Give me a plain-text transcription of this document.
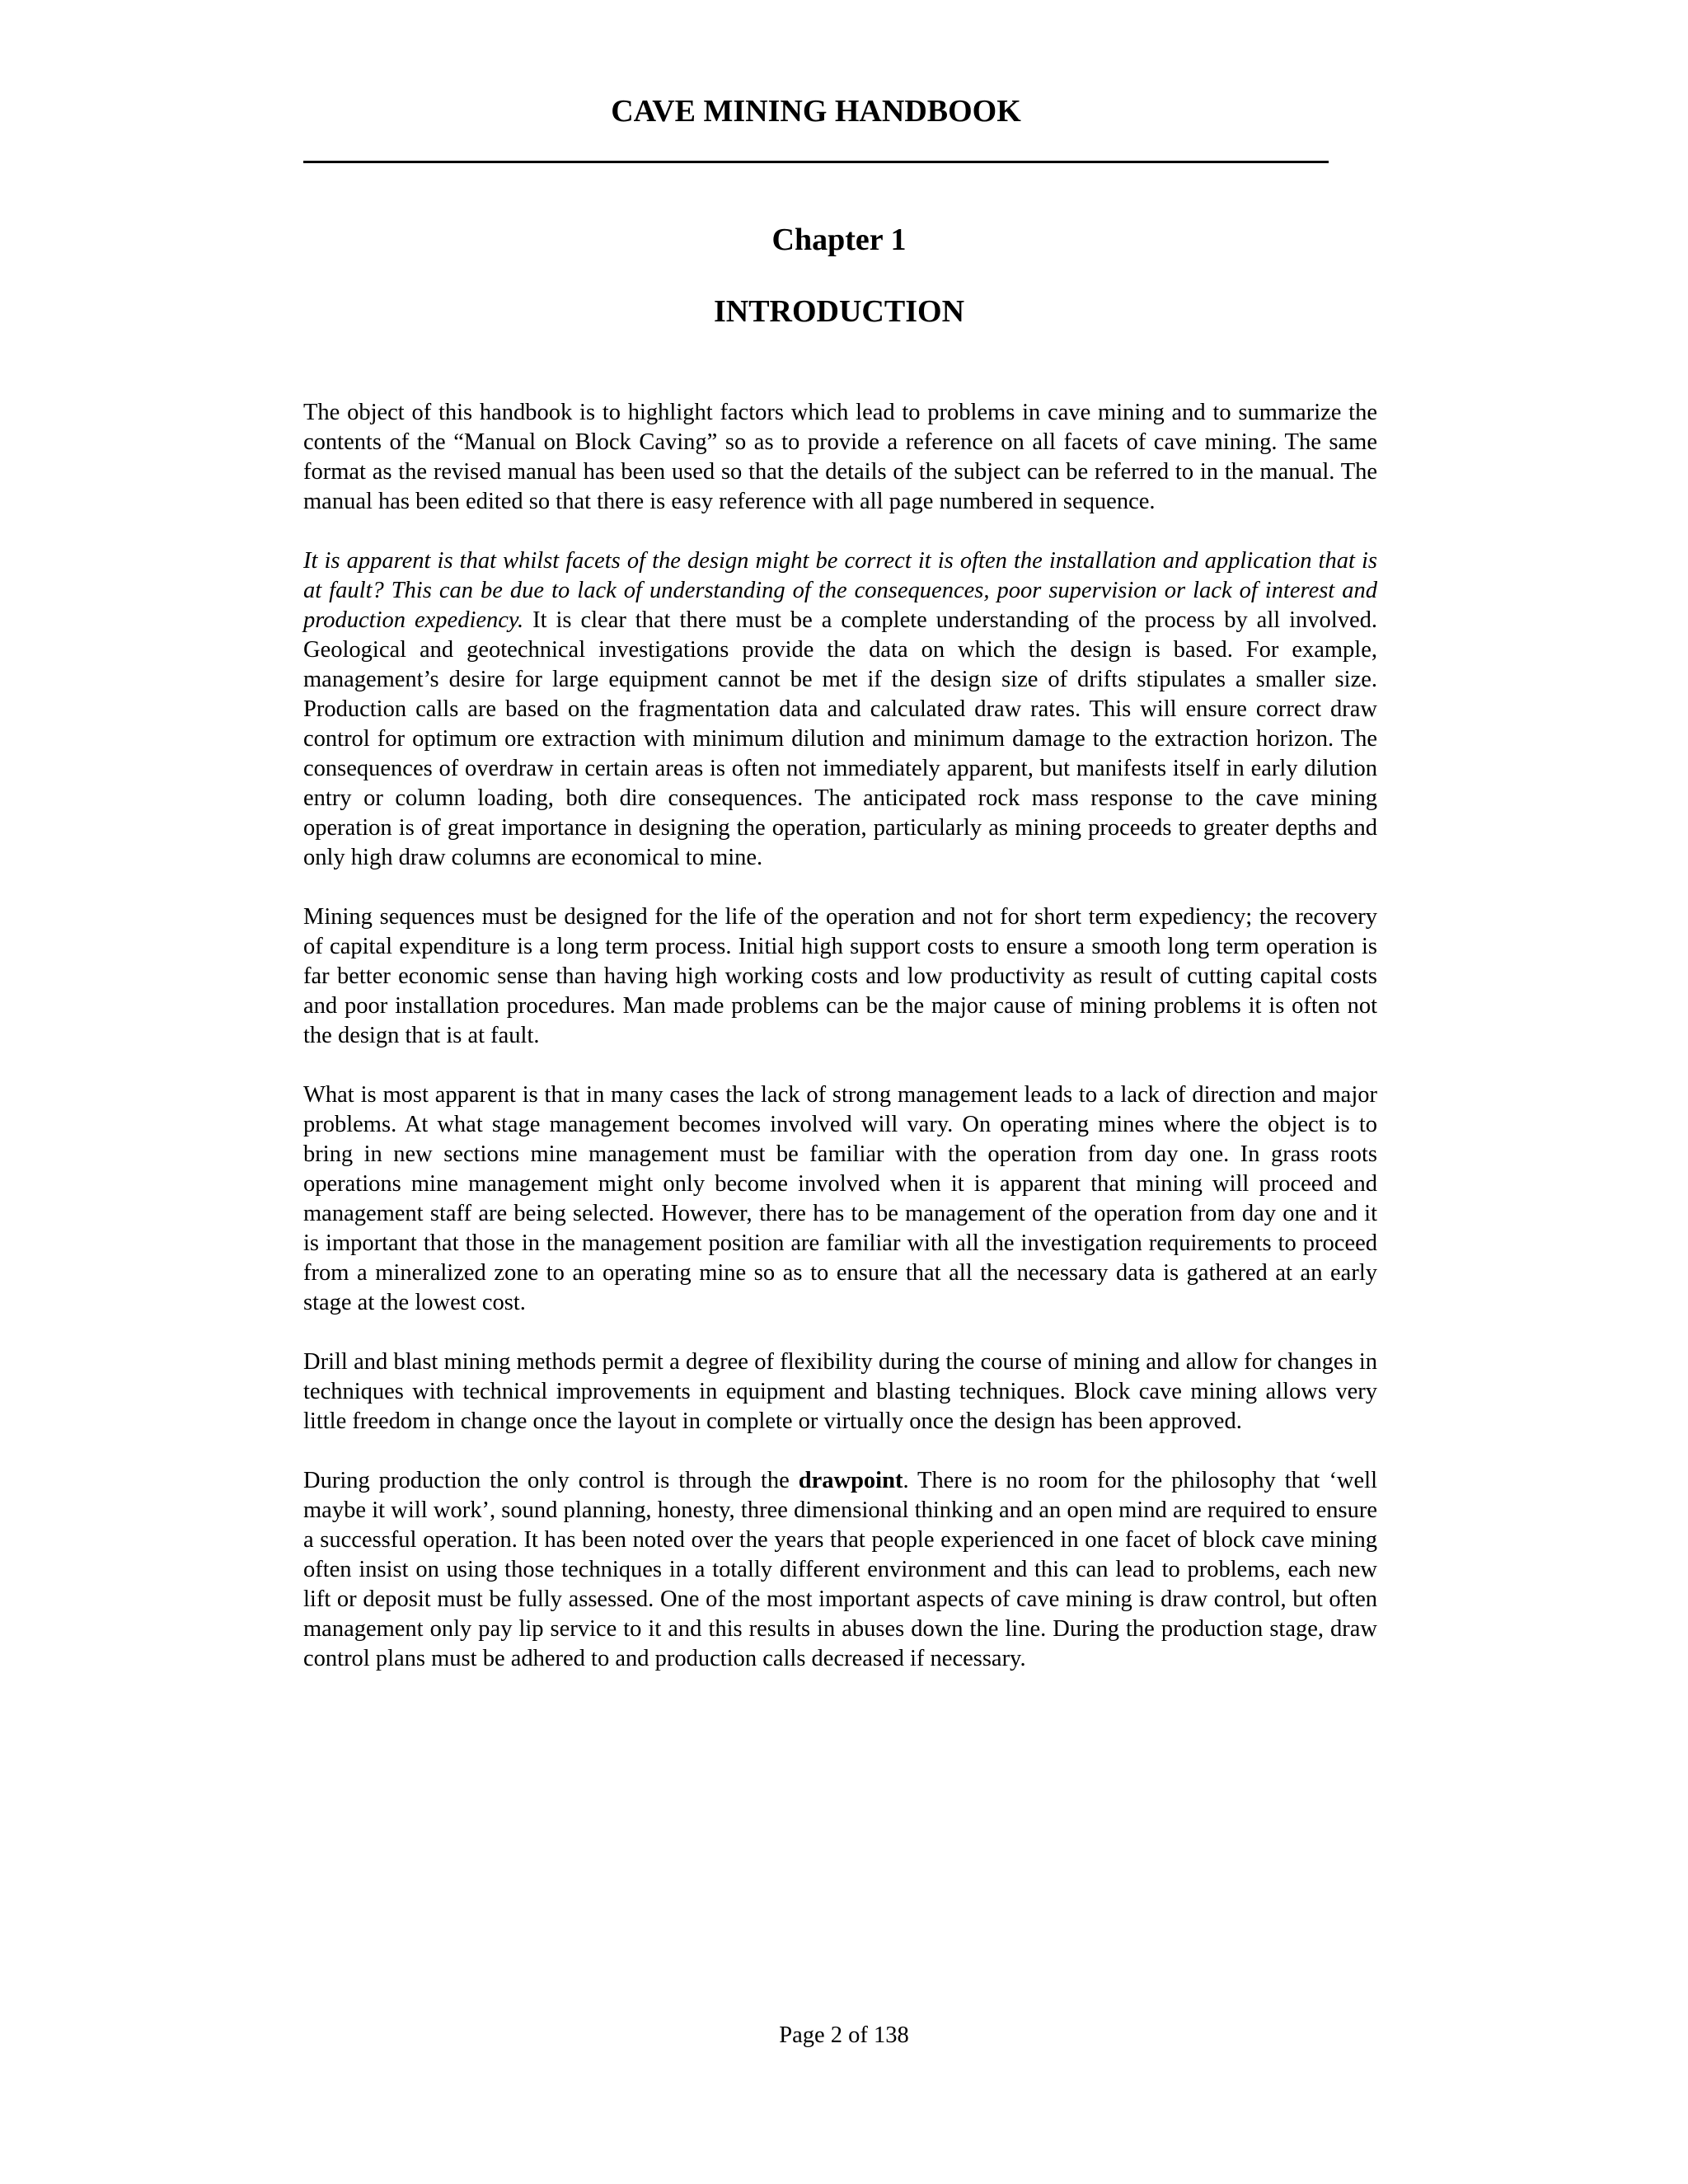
CAVE MINING HANDBOOK
Chapter 1
INTRODUCTION

The object of this handbook is to highlight factors which lead to problems in cave mining and to summarize the contents of the “Manual on Block Caving” so as to provide a reference on all facets of cave mining. The same format as the revised manual has been used so that the details of the subject can be referred to in the manual. The manual has been edited so that there is easy reference with all page numbered in sequence.

It is apparent is that whilst facets of the design might be correct it is often the installation and application that is at fault? This can be due to lack of understanding of the consequences, poor supervision or lack of interest and production expediency. It is clear that there must be a complete understanding of the process by all involved. Geological and geotechnical investigations provide the data on which the design is based. For example, management’s desire for large equipment cannot be met if the design size of drifts stipulates a smaller size. Production calls are based on the fragmentation data and calculated draw rates. This will ensure correct draw control for optimum ore extraction with minimum dilution and minimum damage to the extraction horizon. The consequences of overdraw in certain areas is often not immediately apparent, but manifests itself in early dilution entry or column loading, both dire consequences. The anticipated rock mass response to the cave mining operation is of great importance in designing the operation, particularly as mining proceeds to greater depths and only high draw columns are economical to mine.

Mining sequences must be designed for the life of the operation and not for short term expediency; the recovery of capital expenditure is a long term process. Initial high support costs to ensure a smooth long term operation is far better economic sense than having high working costs and low productivity as result of cutting capital costs and poor installation procedures. Man made problems can be the major cause of mining problems it is often not the design that is at fault.

What is most apparent is that in many cases the lack of strong management leads to a lack of direction and major problems. At what stage management becomes involved will vary. On operating mines where the object is to bring in new sections mine management must be familiar with the operation from day one. In grass roots operations mine management might only become involved when it is apparent that mining will proceed and management staff are being selected. However, there has to be management of the operation from day one and it is important that those in the management position are familiar with all the investigation requirements to proceed from a mineralized zone to an operating mine so as to ensure that all the necessary data is gathered at an early stage at the lowest cost.

Drill and blast mining methods permit a degree of flexibility during the course of mining and allow for changes in techniques with technical improvements in equipment and blasting techniques. Block cave mining allows very little freedom in change once the layout in complete or virtually once the design has been approved.

During production the only control is through the drawpoint. There is no room for the philosophy that ‘well maybe it will work’, sound planning, honesty, three dimensional thinking and an open mind are required to ensure a successful operation. It has been noted over the years that people experienced in one facet of block cave mining often insist on using those techniques in a totally different environment and this can lead to problems, each new lift or deposit must be fully assessed. One of the most important aspects of cave mining is draw control, but often management only pay lip service to it and this results in abuses down the line. During the production stage, draw control plans must be adhered to and production calls decreased if necessary.

Page 2 of 138
